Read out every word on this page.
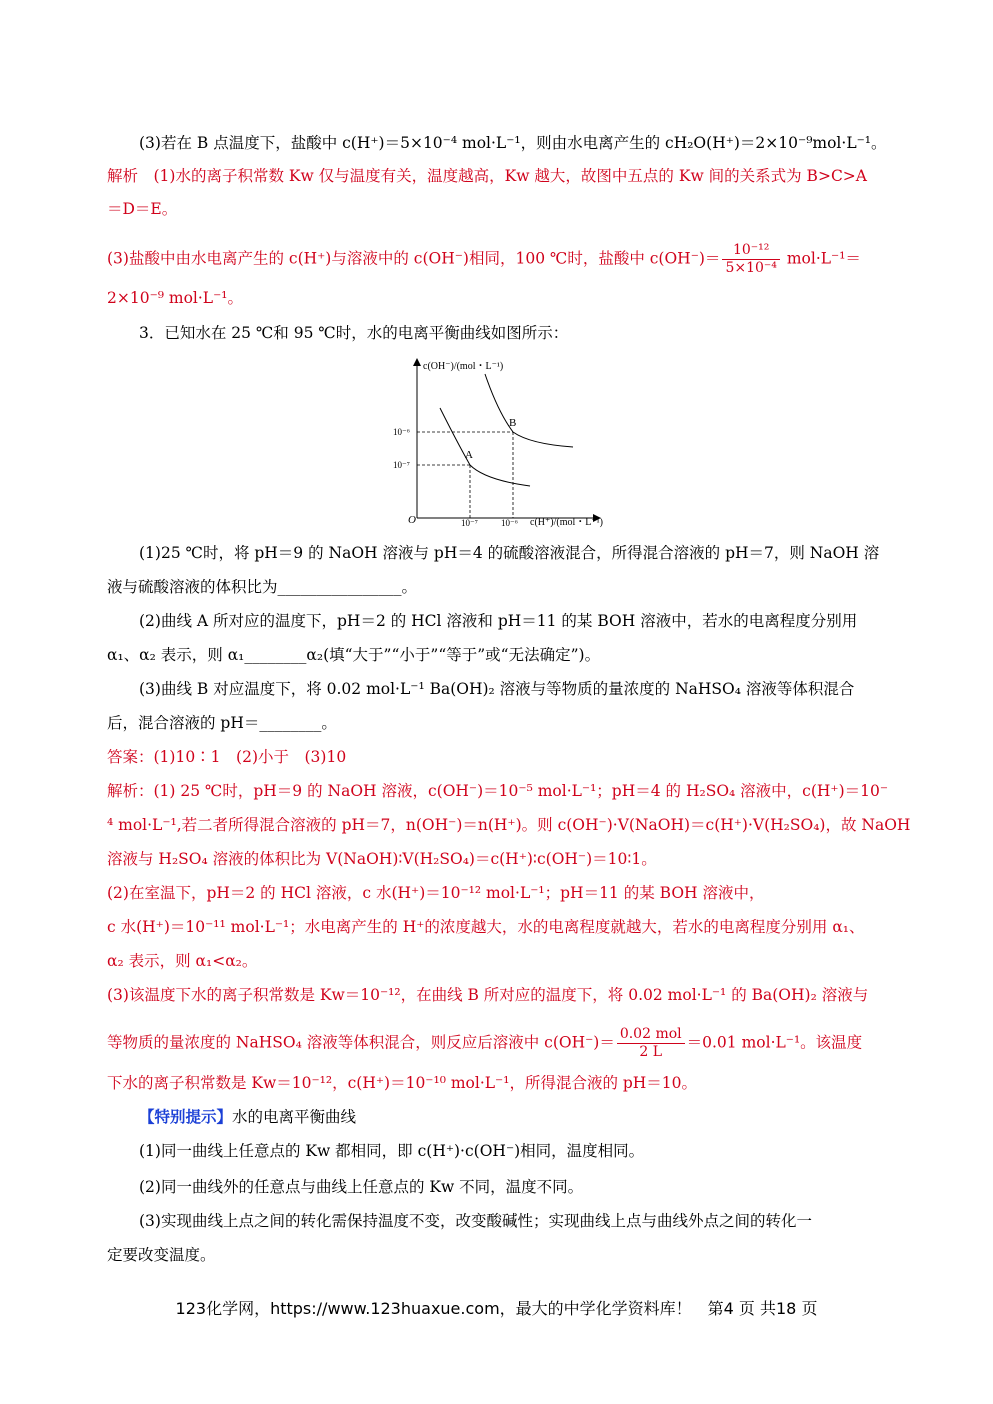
(3)若在 B 点温度下，盐酸中 c(H⁺)＝5×10⁻⁴ mol·L⁻¹，则由水电离产生的 cH₂O(H⁺)＝2×10⁻⁹mol·L⁻¹。
解析　(1)水的离子积常数 Kw 仅与温度有关，温度越高，Kw 越大，故图中五点的 Kw 间的关系式为 B>C>A
＝D＝E。
(3)盐酸中由水电离产生的 c(H⁺)与溶液中的 c(OH⁻)相同，100 ℃时，盐酸中 $c(OH^-)= \frac{\text{10⁻¹²}}{\text{5×10⁻⁴}} mol\cdot L^{-1}=$
2×10⁻⁹ mol·L⁻¹。
3．已知水在 25 ℃和 95 ℃时，水的电离平衡曲线如图所示：
c(OH⁻)/(mol・L⁻¹)
c(H⁺)/(mol・L⁻¹)
O
10⁻⁶
10⁻⁷
10⁻⁷	10⁻⁶
A
B
(1)25 ℃时，将 pH＝9 的 NaOH 溶液与 pH＝4 的硫酸溶液混合，所得混合溶液的 pH＝7，则 NaOH 溶
液与硫酸溶液的体积比为________________。
(2)曲线 A 所对应的温度下，pH＝2 的 HCl 溶液和 pH＝11 的某 BOH 溶液中，若水的电离程度分别用
α₁、α₂ 表示，则 α₁________α₂(填“大于”“小于”“等于”或“无法确定”)。
(3)曲线 B 对应温度下，将 0.02 mol·L⁻¹ Ba(OH)₂ 溶液与等物质的量浓度的 NaHSO₄ 溶液等体积混合
后，混合溶液的 pH＝________。
答案：(1)10∶1　(2)小于　(3)10
解析：(1) 25 ℃时，pH＝9 的 NaOH 溶液，c(OH⁻)＝10⁻⁵ mol·L⁻¹；pH＝4 的 H₂SO₄ 溶液中，c(H⁺)＝10⁻
⁴ mol·L⁻¹,若二者所得混合溶液的 pH＝7，n(OH⁻)＝n(H⁺)。则 c(OH⁻)·V(NaOH)＝c(H⁺)·V(H₂SO₄)，故 NaOH
溶液与 H₂SO₄ 溶液的体积比为 V(NaOH)∶V(H₂SO₄)＝c(H⁺)∶c(OH⁻)＝10∶1。
(2)在室温下，pH＝2 的 HCl 溶液，c 水(H⁺)＝10⁻¹² mol·L⁻¹；pH＝11 的某 BOH 溶液中，
c 水(H⁺)＝10⁻¹¹ mol·L⁻¹；水电离产生的 H⁺的浓度越大，水的电离程度就越大，若水的电离程度分别用 α₁、
α₂ 表示，则 α₁<α₂。
(3)该温度下水的离子积常数是 Kw＝10⁻¹²，在曲线 B 所对应的温度下，将 0.02 mol·L⁻¹ 的 Ba(OH)₂ 溶液与
等物质的量浓度的 NaHSO₄ 溶液等体积混合，则反应后溶液中 $c(OH^-)= \frac{\text{0.02 mol}}{2 L} =0.01$ mol·L⁻¹。该温度
下水的离子积常数是 Kw＝10⁻¹²，c(H⁺)＝10⁻¹⁰ mol·L⁻¹，所得混合液的 pH＝10。
【特别提示】水的电离平衡曲线
(1)同一曲线上任意点的 Kw 都相同，即 c(H⁺)·c(OH⁻)相同，温度相同。
(2)同一曲线外的任意点与曲线上任意点的 Kw 不同，温度不同。
(3)实现曲线上点之间的转化需保持温度不变，改变酸碱性；实现曲线上点与曲线外点之间的转化一
定要改变温度。
123化学网，https://www.123huaxue.com，最大的中学化学资料库！　第4 页 共18 页
